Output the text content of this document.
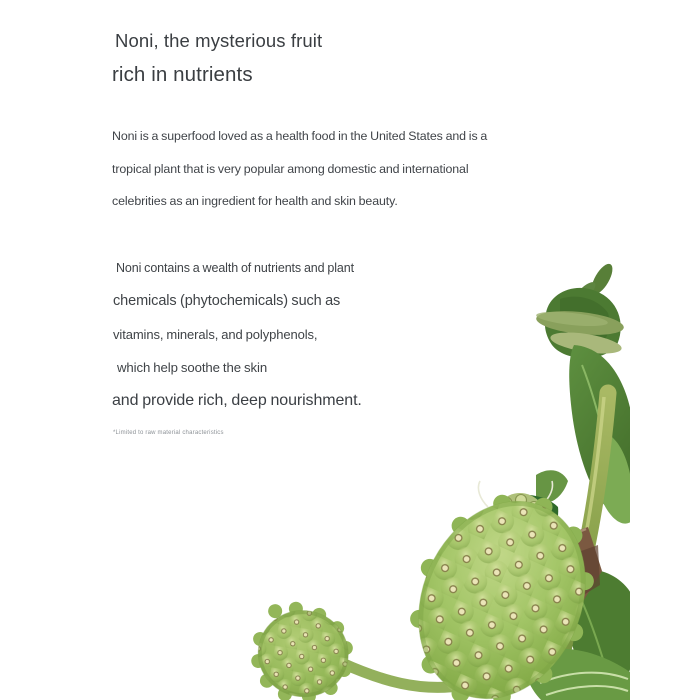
Noni, the mysterious fruit
rich in nutrients
Noni is a superfood loved as a health food in the United States and is a
tropical plant that is very popular among domestic and international
celebrities as an ingredient for health and skin beauty.
Noni contains a wealth of nutrients and plant
chemicals (phytochemicals) such as
vitamins, minerals, and polyphenols,
which help soothe the skin
and provide rich, deep nourishment.
*Limited to raw material characteristics
